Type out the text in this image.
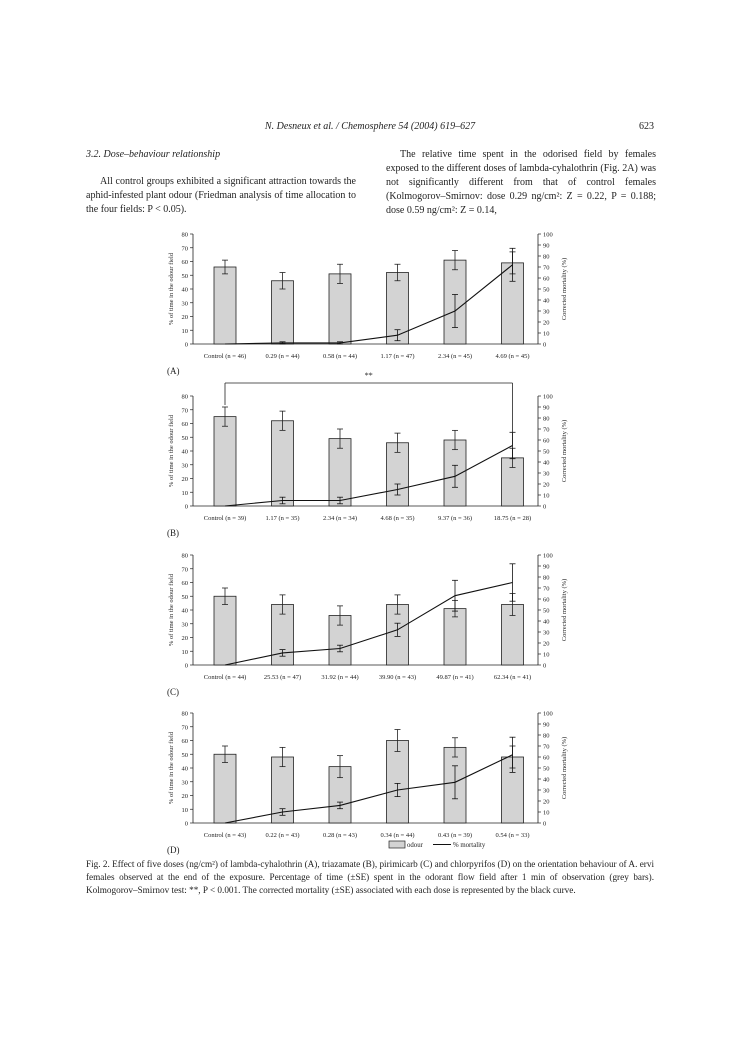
N. Desneux et al. / Chemosphere 54 (2004) 619–627	623

3.2. Dose–behaviour relationship

All control groups exhibited a significant attraction towards the aphid-infested plant odour (Friedman analysis of time allocation to the four fields: P < 0.05).

The relative time spent in the odorised field by females exposed to the different doses of lambda-cyhalothrin (Fig. 2A) was not significantly different from that of control females (Kolmogorov–Smirnov: dose 0.29 ng/cm²: Z = 0.22, P = 0.188; dose 0.59 ng/cm²: Z = 0.14,

0
10
20
30
40
50
60
70
80
0
10
20
30
40
50
60
70
80
90
100
% of time in the odour field	Corrected mortality (%)
Control (n = 46)	0.29 (n = 44)	0.58 (n = 44)	1.17 (n = 47)	2.34 (n = 45)	4.69 (n = 45)
(A)
0
10
20
30
40
50
60
70
80
0
10
20
30
40
50
60
70
80
90
100
% of time in the odour field	Corrected mortality (%)
Control (n = 39)	1.17 (n = 35)	2.34 (n = 34)	4.68 (n = 35)	9.37 (n = 36)	18.75 (n = 28)
(B)
**
0
10
20
30
40
50
60
70
80
0
10
20
30
40
50
60
70
80
90
100
% of time in the odour field	Corrected mortality (%)
Control (n = 44)	25.53 (n = 47)	31.92 (n = 44)	39.90 (n = 43)	49.87 (n = 41)	62.34 (n = 41)
(C)
0
10
20
30
40
50
60
70
80
0
10
20
30
40
50
60
70
80
90
100
% of time in the odour field	Corrected mortality (%)
Control (n = 43)	0.22 (n = 43)	0.28 (n = 43)	0.34 (n = 44)	0.43 (n = 39)	0.54 (n = 33)
(D)	odour	% mortality
Fig. 2. Effect of five doses (ng/cm²) of lambda-cyhalothrin (A), triazamate (B), pirimicarb (C) and chlorpyrifos (D) on the orientation behaviour of A. ervi females observed at the end of the exposure. Percentage of time (±SE) spent in the odorant flow field after 1 min of observation (grey bars). Kolmogorov–Smirnov test: **, P < 0.001. The corrected mortality (±SE) associated with each dose is represented by the black curve.
